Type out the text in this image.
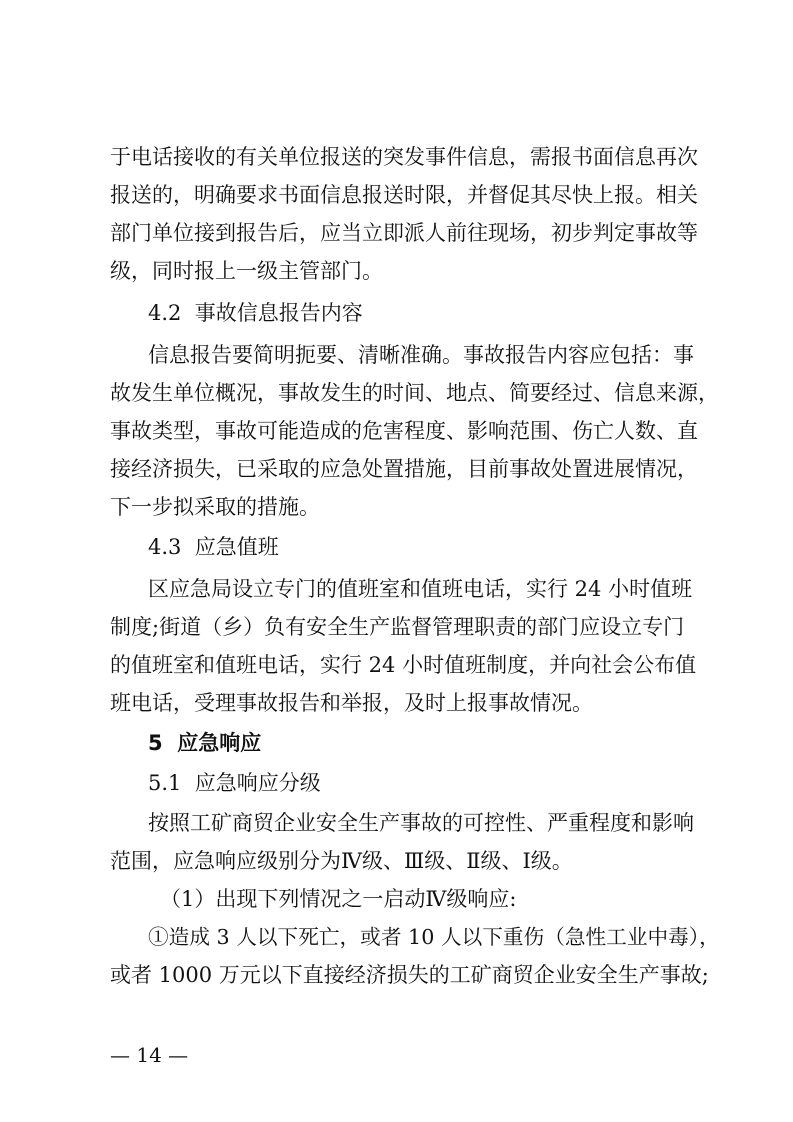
于电话接收的有关单位报送的突发事件信息，需报书面信息再次
报送的，明确要求书面信息报送时限，并督促其尽快上报。相关
部门单位接到报告后，应当立即派人前往现场，初步判定事故等
级，同时报上一级主管部门。
4.2  事故信息报告内容
信息报告要简明扼要、清晰准确。事故报告内容应包括：事
故发生单位概况，事故发生的时间、地点、简要经过、信息来源，
事故类型，事故可能造成的危害程度、影响范围、伤亡人数、直
接经济损失，已采取的应急处置措施，目前事故处置进展情况，
下一步拟采取的措施。
4.3  应急值班
区应急局设立专门的值班室和值班电话，实行 24 小时值班
制度;街道（乡）负有安全生产监督管理职责的部门应设立专门
的值班室和值班电话，实行 24 小时值班制度，并向社会公布值
班电话，受理事故报告和举报，及时上报事故情况。
5  应急响应
5.1  应急响应分级
按照工矿商贸企业安全生产事故的可控性、严重程度和影响
范围，应急响应级别分为Ⅳ级、Ⅲ级、Ⅱ级、Ⅰ级。
（1）出现下列情况之一启动Ⅳ级响应:
①造成 3 人以下死亡，或者 10 人以下重伤（急性工业中毒），
或者 1000 万元以下直接经济损失的工矿商贸企业安全生产事故;
— 14 —
